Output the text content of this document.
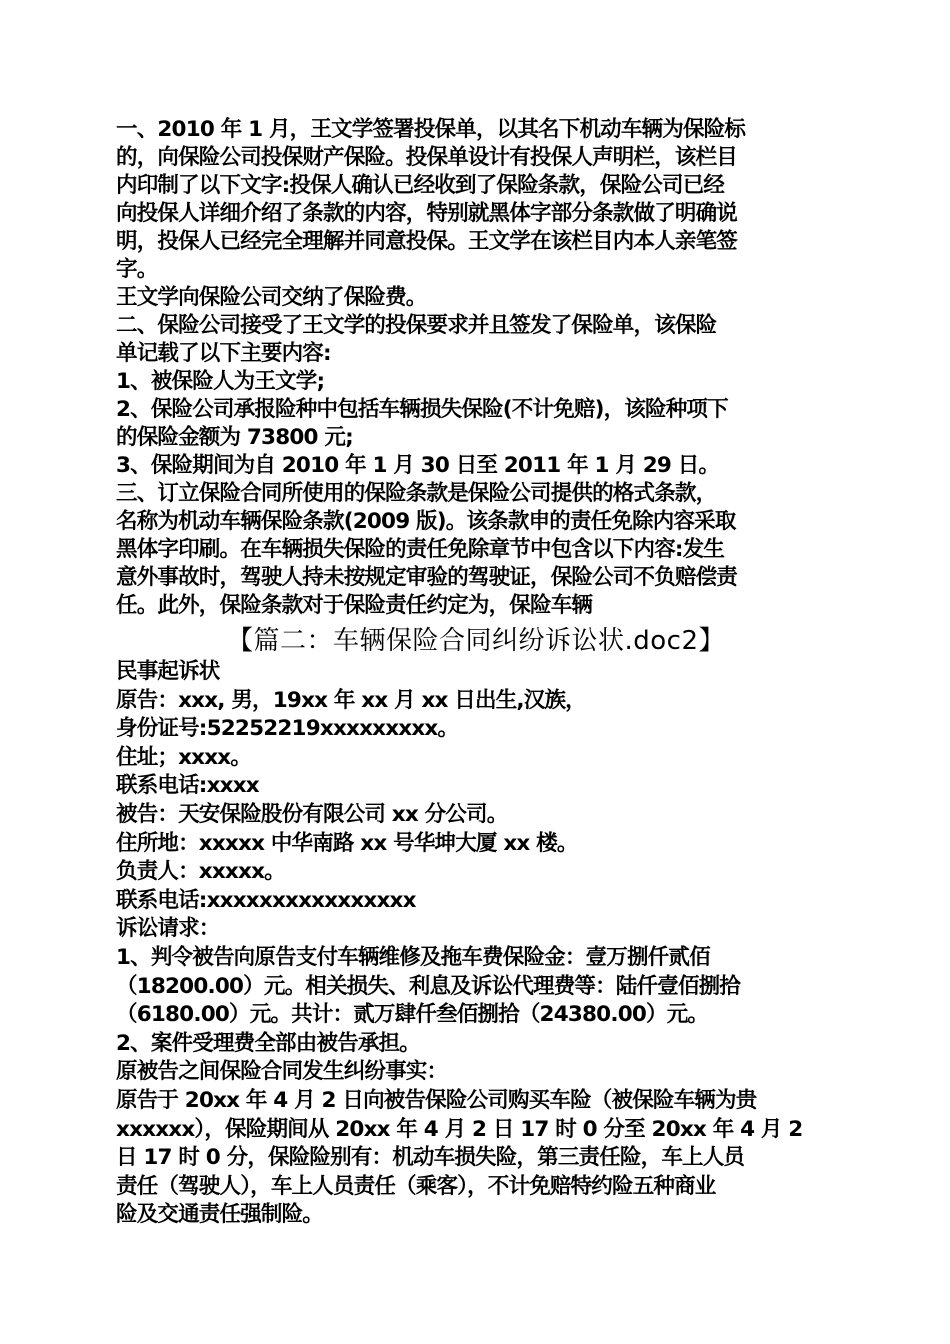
一、2010 年 1 月，王文学签署投保单，以其名下机动车辆为保险标
的，向保险公司投保财产保险。投保单设计有投保人声明栏，该栏目
内印制了以下文字:投保人确认已经收到了保险条款，保险公司已经
向投保人详细介绍了条款的内容，特别就黑体字部分条款做了明确说
明，投保人已经完全理解并同意投保。王文学在该栏目内本人亲笔签
字。
王文学向保险公司交纳了保险费。
二、保险公司接受了王文学的投保要求并且签发了保险单，该保险
单记载了以下主要内容:
1、被保险人为王文学;
2、保险公司承报险种中包括车辆损失保险(不计免赔)，该险种项下
的保险金额为 73800 元;
3、保险期间为自 2010 年 1 月 30 日至 2011 年 1 月 29 日。
三、订立保险合同所使用的保险条款是保险公司提供的格式条款，
名称为机动车辆保险条款(2009 版)。该条款申的责任免除内容采取
黑体字印刷。在车辆损失保险的责任免除章节中包含以下内容:发生
意外事故时，驾驶人持未按规定审验的驾驶证，保险公司不负赔偿责
任。此外，保险条款对于保险责任约定为，保险车辆
【篇二：车辆保险合同纠纷诉讼状.doc2】
民事起诉状
原告：xxx, 男，19xx 年 xx 月 xx 日出生,汉族，
身份证号:52252219xxxxxxxxx。
住址；xxxx。
联系电话:xxxx
被告：天安保险股份有限公司 xx 分公司。
住所地：xxxxx 中华南路 xx 号华坤大厦 xx 楼。
负责人：xxxxx。
联系电话:xxxxxxxxxxxxxxxx
诉讼请求：
1、判令被告向原告支付车辆维修及拖车费保险金：壹万捌仟贰佰
（18200.00）元。相关损失、利息及诉讼代理费等：陆仟壹佰捌拾
（6180.00）元。共计：贰万肆仟叁佰捌拾（24380.00）元。
2、案件受理费全部由被告承担。
原被告之间保险合同发生纠纷事实：
原告于 20xx 年 4 月 2 日向被告保险公司购买车险（被保险车辆为贵
xxxxxx），保险期间从 20xx 年 4 月 2 日 17 时 0 分至 20xx 年 4 月 2
日 17 时 0 分，保险险别有：机动车损失险，第三责任险，车上人员
责任（驾驶人），车上人员责任（乘客），不计免赔特约险五种商业
险及交通责任强制险。
